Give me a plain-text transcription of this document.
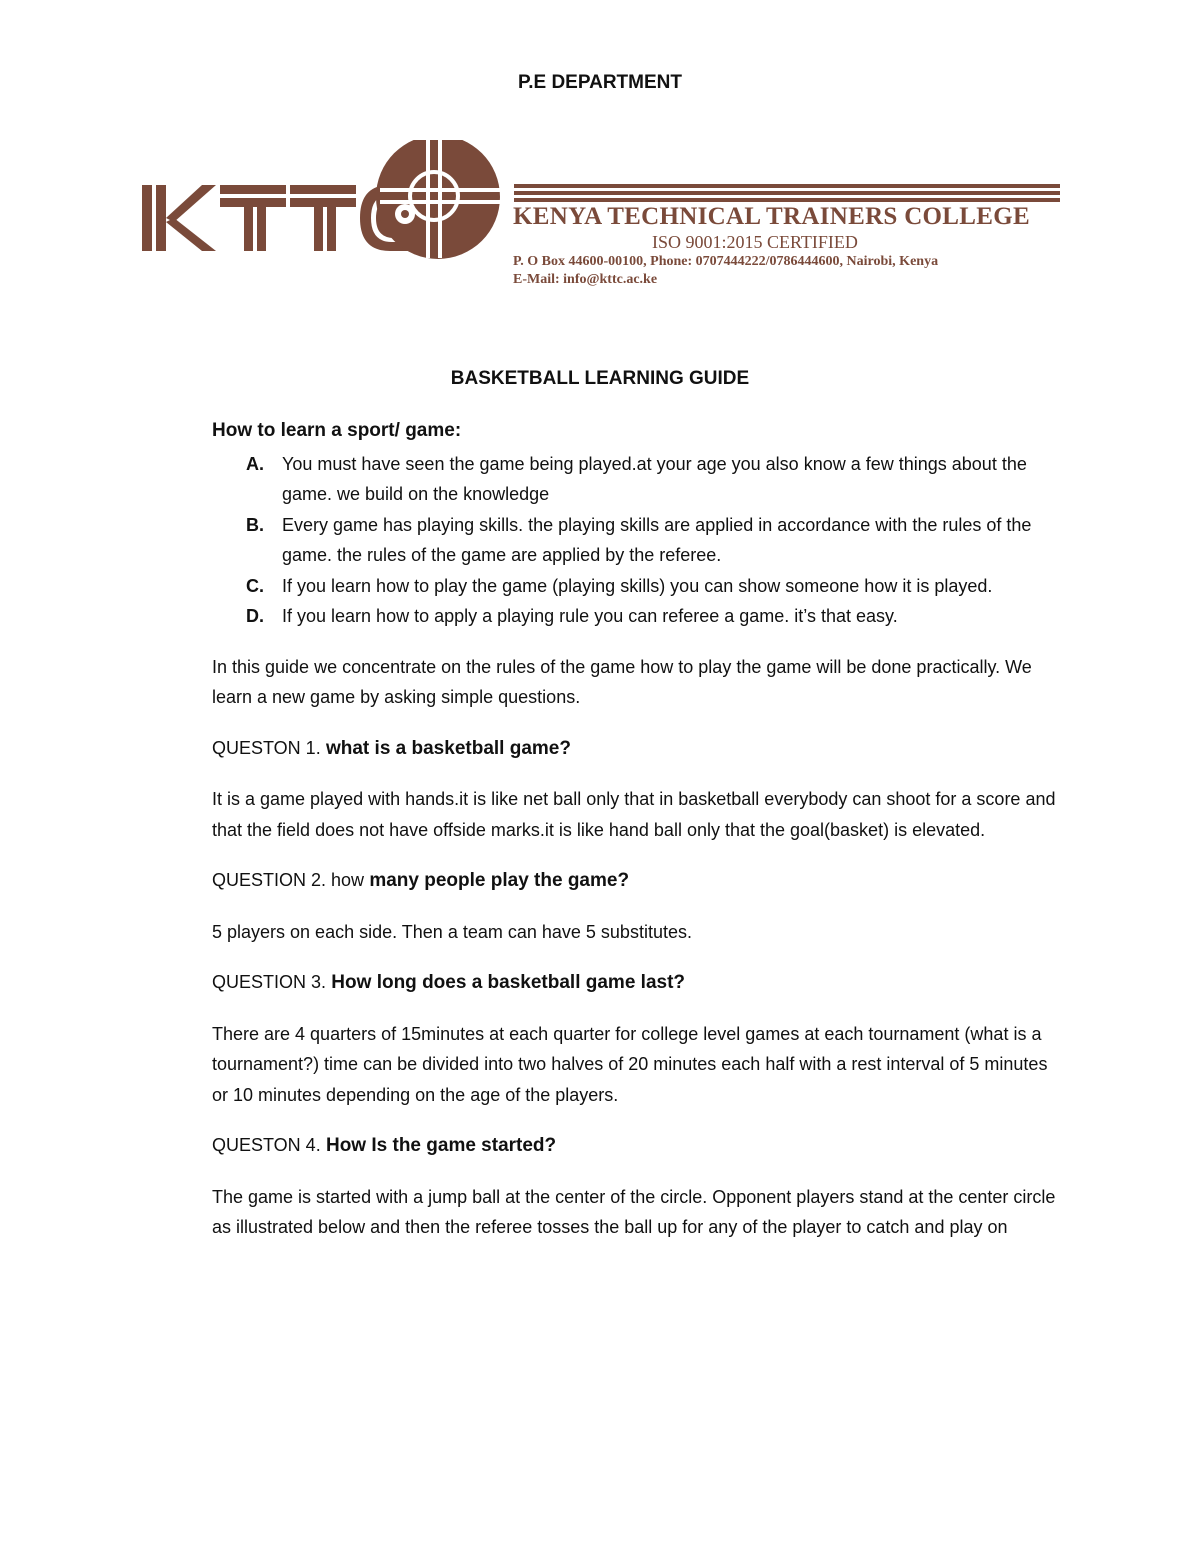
P.E DEPARTMENT
KENYA TECHNICAL TRAINERS COLLEGE
ISO 9001:2015 CERTIFIED
P. O Box 44600-00100, Phone: 0707444222/0786444600, Nairobi, Kenya
E-Mail: info@kttc.ac.ke
BASKETBALL LEARNING GUIDE
How to learn a sport/ game:
A. You must have seen the game being played.at your age you also know a few things about the game. we build on the knowledge
B. Every game has playing skills. the playing skills are applied in accordance with the rules of the game. the rules of the game are applied by the referee.
C. If you learn how to play the game (playing skills) you can show someone how it is played.
D. If you learn how to apply a playing rule you can referee a game. it’s that easy.

In this guide we concentrate on the rules of the game how to play the game will be done practically. We learn a new game by asking simple questions.

QUESTON 1. what is a basketball game?

It is a game played with hands.it is like net ball only that in basketball everybody can shoot for a score and that the field does not have offside marks.it is like hand ball only that the goal(basket) is elevated.

QUESTION 2. how many people play the game?

5 players on each side. Then a team can have 5 substitutes.

QUESTION 3. How long does a basketball game last?

There are 4 quarters of 15minutes at each quarter for college level games at each tournament (what is a tournament?) time can be divided into two halves of 20 minutes each half with a rest interval of 5 minutes or 10 minutes depending on the age of the players.

QUESTON 4. How Is the game started?

The game is started with a jump ball at the center of the circle. Opponent players stand at the center circle as illustrated below and then the referee tosses the ball up for any of the player to catch and play on
